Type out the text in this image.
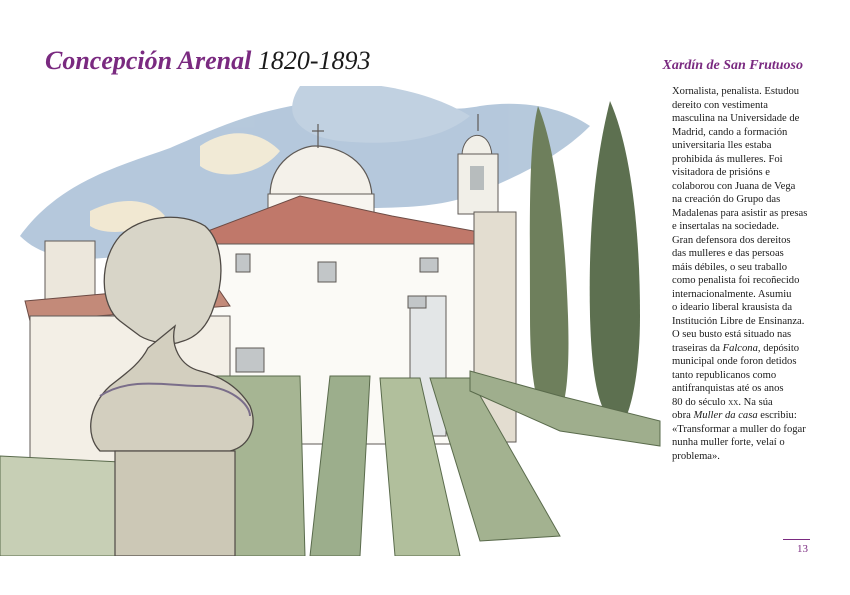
Concepción Arenal 1820-1893	Xardín de San Frutuoso
Xornalista, penalista. Estudou
dereito con vestimenta
masculina na Universidade de
Madrid, cando a formación
universitaria lles estaba
prohibida ás mulleres. Foi
visitadora de prisións e
colaborou con Juana de Vega
na creación do Grupo das
Madalenas para asistir as presas
e insertalas na sociedade.
Gran defensora dos dereitos
das mulleres e das persoas
máis débiles, o seu traballo
como penalista foi recoñecido
internacionalmente. Asumiu
o ideario liberal krausista da
Institución Libre de Ensinanza.
O seu busto está situado nas
traseiras da Falcona, depósito
municipal onde foron detidos
tanto republicanos como
antifranquistas até os anos
80 do século xx. Na súa
obra Muller da casa escribiu:
«Transformar a muller do fogar
nunha muller forte, velaí o
problema».
13
